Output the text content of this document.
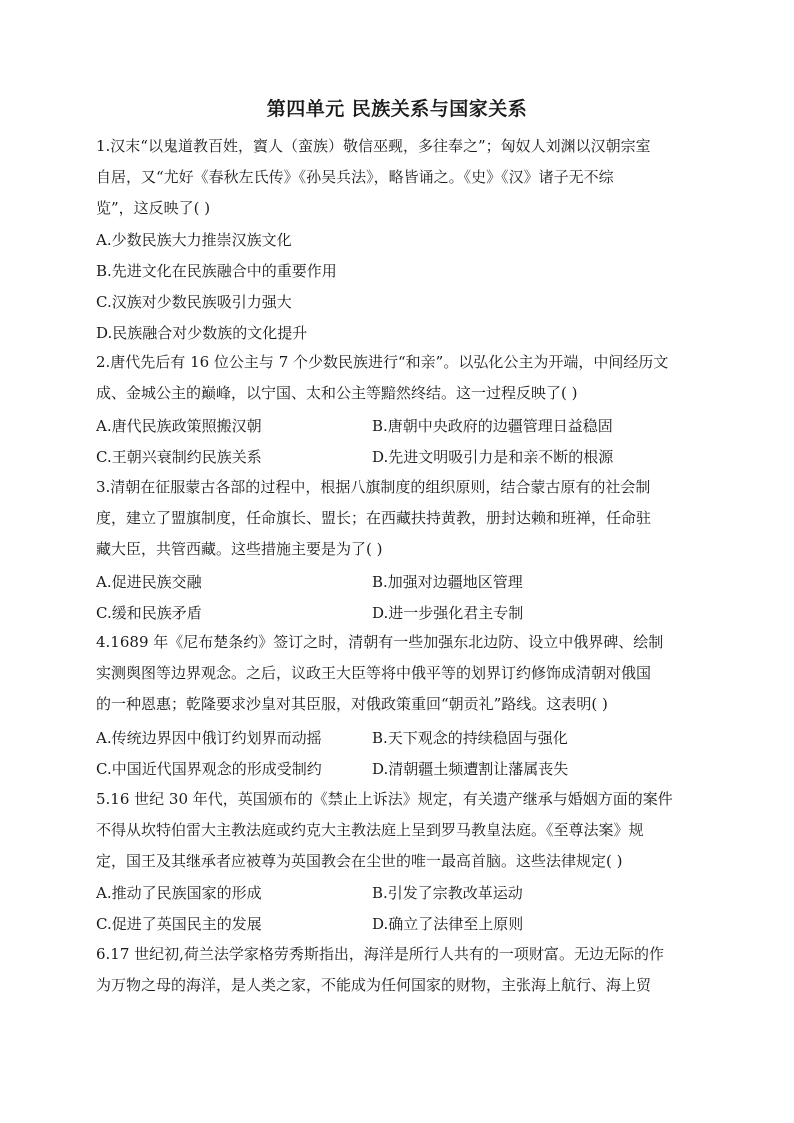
第四单元 民族关系与国家关系
1.汉末“以鬼道教百姓，賨人（蛮族）敬信巫觋，多往奉之”；匈奴人刘渊以汉朝宗室
自居，又“尤好《春秋左氏传》《孙吴兵法》，略皆诵之。《史》《汉》诸子无不综
览”，这反映了( )
A.少数民族大力推崇汉族文化
B.先进文化在民族融合中的重要作用
C.汉族对少数民族吸引力强大
D.民族融合对少数族的文化提升
2.唐代先后有 16 位公主与 7 个少数民族进行“和亲”。以弘化公主为开端，中间经历文
成、金城公主的巅峰，以宁国、太和公主等黯然终结。这一过程反映了( )
A.唐代民族政策照搬汉朝	B.唐朝中央政府的边疆管理日益稳固
C.王朝兴衰制约民族关系	D.先进文明吸引力是和亲不断的根源
3.清朝在征服蒙古各部的过程中，根据八旗制度的组织原则，结合蒙古原有的社会制
度，建立了盟旗制度，任命旗长、盟长；在西藏扶持黄教，册封达赖和班禅，任命驻
藏大臣，共管西藏。这些措施主要是为了( )
A.促进民族交融	B.加强对边疆地区管理
C.缓和民族矛盾	D.进一步强化君主专制
4.1689 年《尼布楚条约》签订之时，清朝有一些加强东北边防、设立中俄界碑、绘制
实测舆图等边界观念。之后，议政王大臣等将中俄平等的划界订约修饰成清朝对俄国
的一种恩惠；乾隆要求沙皇对其臣服，对俄政策重回“朝贡礼”路线。这表明( )
A.传统边界因中俄订约划界而动摇	B.天下观念的持续稳固与强化
C.中国近代国界观念的形成受制约	D.清朝疆土频遭割让藩属丧失
5.16 世纪 30 年代，英国颁布的《禁止上诉法》规定，有关遗产继承与婚姻方面的案件
不得从坎特伯雷大主教法庭或约克大主教法庭上呈到罗马教皇法庭。《至尊法案》规
定，国王及其继承者应被尊为英国教会在尘世的唯一最高首脑。这些法律规定( )
A.推动了民族国家的形成	B.引发了宗教改革运动
C.促进了英国民主的发展	D.确立了法律至上原则
6.17 世纪初,荷兰法学家格劳秀斯指出，海洋是所行人共有的一项财富。无边无际的作
为万物之母的海洋，是人类之家，不能成为任何国家的财物，主张海上航行、海上贸
